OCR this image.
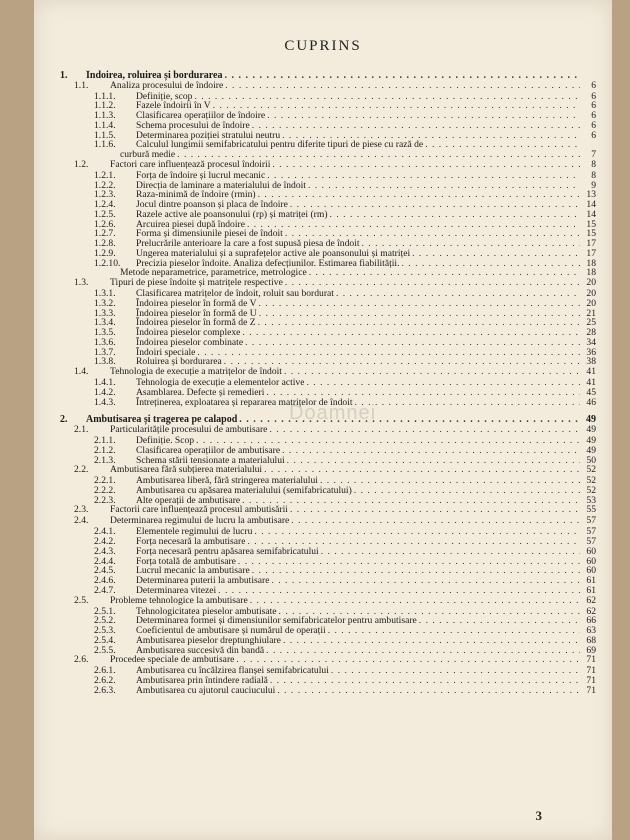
CUPRINS
1.	Îndoirea, roluirea și bordurarea
. . .
1.1.	Analiza procesului de îndoire . . .	6
1.1.1.	Definiție, scop . . .	6
1.1.2.	Fazele îndoirii în V . . .	6
1.1.3.	Clasificarea operațiilor de îndoire . . .	6
1.1.4.	Schema procesului de îndoire . . .	6
1.1.5.	Determinarea poziției stratului neutru . . .	6
1.1.6.	Calculul lungimii semifabricatului pentru diferite tipuri de piese cu rază de
. . .
curbură medie . . .	7
1.2.	Factori care influențează procesul îndoirii . . .	8
1.2.1.	Forța de îndoire și lucrul mecanic . . .	8
1.2.2.	Direcția de laminare a materialului de îndoit . . .	9
1.2.3.	Raza-minimă de îndoire (rmin) . . .	13
1.2.4.	Jocul dintre poanson și placa de îndoire . . .	14
1.2.5.	Razele active ale poansonului (rp) și matriței (rm) . . .	14
1.2.6.	Arcuirea piesei după îndoire . . .	15
1.2.7.	Forma și dimensiunile piesei de îndoit . . .	15
1.2.8.	Prelucrările anterioare la care a fost supusă piesa de îndoit . . .	17
1.2.9.	Ungerea materialului și a suprafețelor active ale poansonului și matriței . . .	17
1.2.10.	Precizia pieselor îndoite. Analiza defecțiunilor. Estimarea fiabilității. . . .	18
Metode neparametrice, parametrice, metrologice . . .	18
1.3.	Tipuri de piese îndoite și matrițele respective . . .	20
1.3.1.	Clasificarea matrițelor de îndoit, roluit sau bordurat . . .	20
1.3.2.	Îndoirea pieselor în formă de V . . .	20
1.3.3.	Îndoirea pieselor în formă de U . . .	21
1.3.4.	Îndoirea pieselor în formă de Z . . .	25
1.3.5.	Îndoirea pieselor complexe . . .	28
1.3.6.	Îndoirea pieselor combinate . . .	34
1.3.7.	Îndoiri speciale . . .	36
1.3.8.	Roluirea și bordurarea . . .	38
1.4.	Tehnologia de execuție a matrițelor de îndoit . . .	41
1.4.1.	Tehnologia de execuție a elementelor active . . .	41
1.4.2.	Asamblarea. Defecte și remedieri . . .	45
1.4.3.	Întreținerea, exploatarea și repararea matrițelor de îndoit . . .	46
2.	Ambutisarea și tragerea pe calapod . . .	49
2.1.	Particularitățile procesului de ambutisare . . .	49
2.1.1.	Definiție. Scop . . .	49
2.1.2.	Clasificarea operațiilor de ambutisare . . .	49
2.1.3.	Schema stării tensionate a materialului . . .	50
2.2.	Ambutisarea fără subțierea materialului . . .	52
2.2.1.	Ambutisarea liberă, fără stringerea materialului . . .	52
2.2.2.	Ambutisarea cu apăsarea materialului (semifabricatului) . . .	52
2.2.3.	Alte operații de ambutisare . . .	53
2.3.	Factorii care influențează procesul ambutisării . . .	55
2.4.	Determinarea regimului de lucru la ambutisare . . .	57
2.4.1.	Elementele regimului de lucru . . .	57
2.4.2.	Forța necesară la ambutisare . . .	57
2.4.3.	Forța necesară pentru apăsarea semifabricatului . . .	60
2.4.4.	Forța totală de ambutisare . . .	60
2.4.5.	Lucrul mecanic la ambutisare . . .	60
2.4.6.	Determinarea puterii la ambutisare . . .	61
2.4.7.	Determinarea vitezei . . .	61
2.5.	Probleme tehnologice la ambutisare . . .	62
2.5.1.	Tehnologicitatea pieselor ambutisate . . .	62
2.5.2.	Determinarea formei și dimensiunilor semifabricatelor pentru ambutisare . . .	66
2.5.3.	Coeficientul de ambutisare și numărul de operații . . .	63
2.5.4.	Ambutisarea pieselor dreptunghiulare . . .	68
2.5.5.	Ambutisarea succesivă din bandă . . .	69
2.6.	Procedee speciale de ambutisare . . .	71
2.6.1.	Ambutisarea cu încălzirea flanșei semifabricatului . . .	71
2.6.2.	Ambutisarea prin întindere radială . . .	71
2.6.3.	Ambutisarea cu ajutorul cauciucului . . .	71
Doamnei
3
